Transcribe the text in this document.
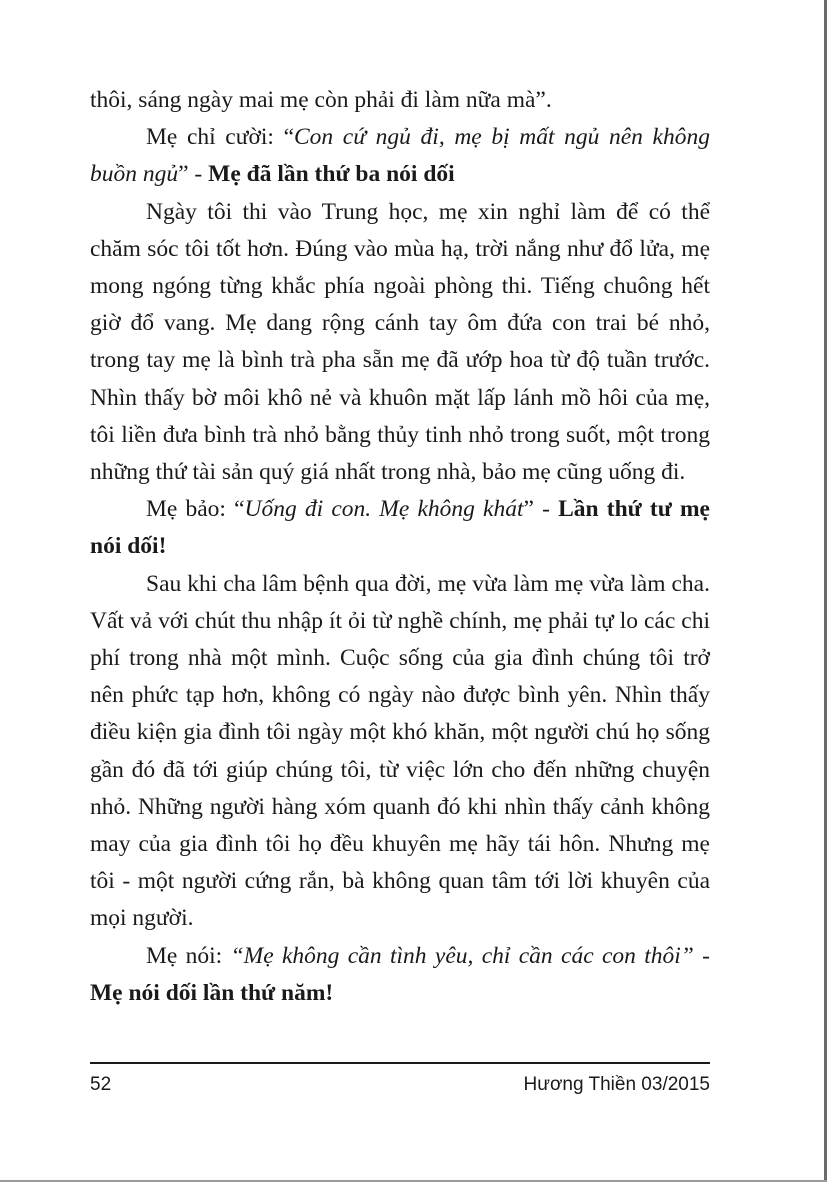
thôi, sáng ngày mai mẹ còn phải đi làm nữa mà”.

Mẹ chỉ cười: “Con cứ ngủ đi, mẹ bị mất ngủ nên không buồn ngủ” - Mẹ đã lần thứ ba nói dối

Ngày tôi thi vào Trung học, mẹ xin nghỉ làm để có thể chăm sóc tôi tốt hơn. Đúng vào mùa hạ, trời nắng như đổ lửa, mẹ mong ngóng từng khắc phía ngoài phòng thi. Tiếng chuông hết giờ đổ vang. Mẹ dang rộng cánh tay ôm đứa con trai bé nhỏ, trong tay mẹ là bình trà pha sẵn mẹ đã ướp hoa từ độ tuần trước. Nhìn thấy bờ môi khô nẻ và khuôn mặt lấp lánh mồ hôi của mẹ, tôi liền đưa bình trà nhỏ bằng thủy tinh nhỏ trong suốt, một trong những thứ tài sản quý giá nhất trong nhà, bảo mẹ cũng uống đi.

Mẹ bảo: “Uống đi con. Mẹ không khát” - Lần thứ tư mẹ nói dối!

Sau khi cha lâm bệnh qua đời, mẹ vừa làm mẹ vừa làm cha. Vất vả với chút thu nhập ít ỏi từ nghề chính, mẹ phải tự lo các chi phí trong nhà một mình. Cuộc sống của gia đình chúng tôi trở nên phức tạp hơn, không có ngày nào được bình yên. Nhìn thấy điều kiện gia đình tôi ngày một khó khăn, một người chú họ sống gần đó đã tới giúp chúng tôi, từ việc lớn cho đến những chuyện nhỏ. Những người hàng xóm quanh đó khi nhìn thấy cảnh không may của gia đình tôi họ đều khuyên mẹ hãy tái hôn. Nhưng mẹ tôi - một người cứng rắn, bà không quan tâm tới lời khuyên của mọi người.

Mẹ nói: “Mẹ không cần tình yêu, chỉ cần các con thôi” - Mẹ nói dối lần thứ năm!

52	Hương Thiền 03/2015
